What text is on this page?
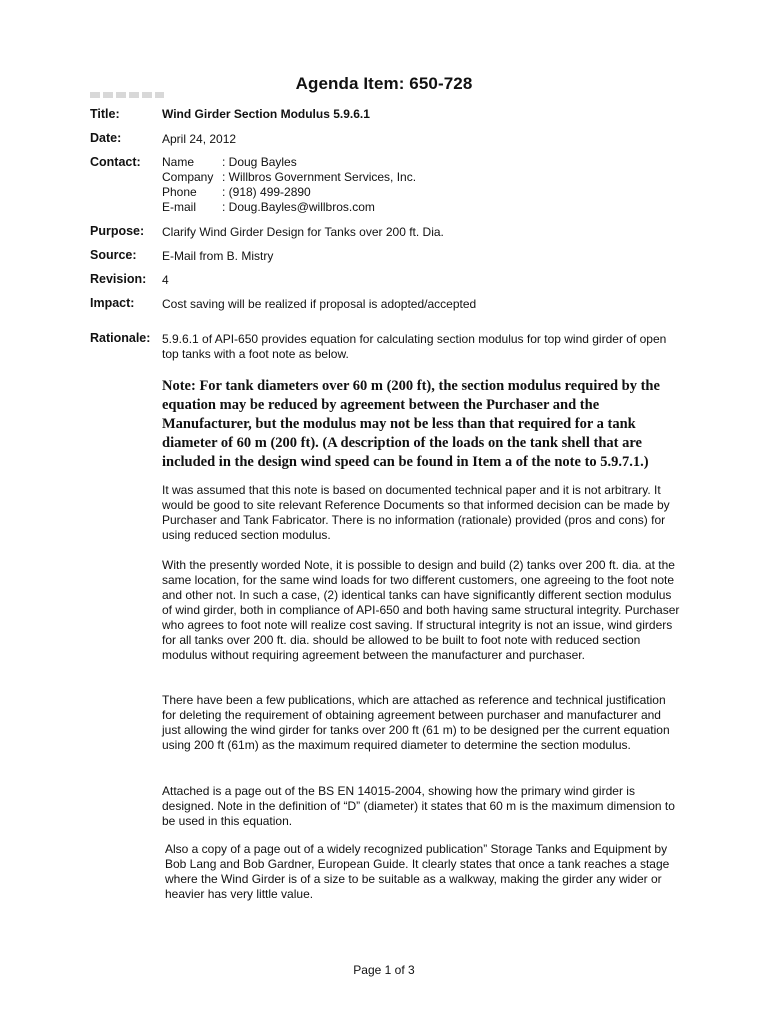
Agenda Item: 650-728
Title:	Wind Girder Section Modulus 5.9.6.1
Date:	April 24, 2012
Contact: Name	: Doug Bayles
Company : Willbros Government Services, Inc.
Phone	: (918) 499-2890
E-mail	: Doug.Bayles@willbros.com
Purpose: Clarify Wind Girder Design for Tanks over 200 ft. Dia.
Source: E-Mail from B. Mistry
Revision: 4
Impact: Cost saving will be realized if proposal is adopted/accepted
Rationale: 5.9.6.1 of API-650 provides equation for calculating section modulus for top wind girder of open top tanks with a foot note as below.

Note: For tank diameters over 60 m (200 ft), the section modulus required by the equation may be reduced by agreement between the Purchaser and the Manufacturer, but the modulus may not be less than that required for a tank diameter of 60 m (200 ft). (A description of the loads on the tank shell that are included in the design wind speed can be found in Item a of the note to 5.9.7.1.)

It was assumed that this note is based on documented technical paper and it is not arbitrary. It would be good to site relevant Reference Documents so that informed decision can be made by Purchaser and Tank Fabricator. There is no information (rationale) provided (pros and cons) for using reduced section modulus.

With the presently worded Note, it is possible to design and build (2) tanks over 200 ft. dia. at the same location, for the same wind loads for two different customers, one agreeing to the foot note and other not. In such a case, (2) identical tanks can have significantly different section modulus of wind girder, both in compliance of API-650 and both having same structural integrity. Purchaser who agrees to foot note will realize cost saving. If structural integrity is not an issue, wind girders for all tanks over 200 ft. dia. should be allowed to be built to foot note with reduced section modulus without requiring agreement between the manufacturer and purchaser.

There have been a few publications, which are attached as reference and technical justification for deleting the requirement of obtaining agreement between purchaser and manufacturer and just allowing the wind girder for tanks over 200 ft (61 m) to be designed per the current equation using 200 ft (61m) as the maximum required diameter to determine the section modulus.

Attached is a page out of the BS EN 14015-2004, showing how the primary wind girder is designed. Note in the definition of “D” (diameter) it states that 60 m is the maximum dimension to be used in this equation.

Also a copy of a page out of a widely recognized publication” Storage Tanks and Equipment by Bob Lang and Bob Gardner, European Guide. It clearly states that once a tank reaches a stage where the Wind Girder is of a size to be suitable as a walkway, making the girder any wider or heavier has very little value.

Page 1 of 3
